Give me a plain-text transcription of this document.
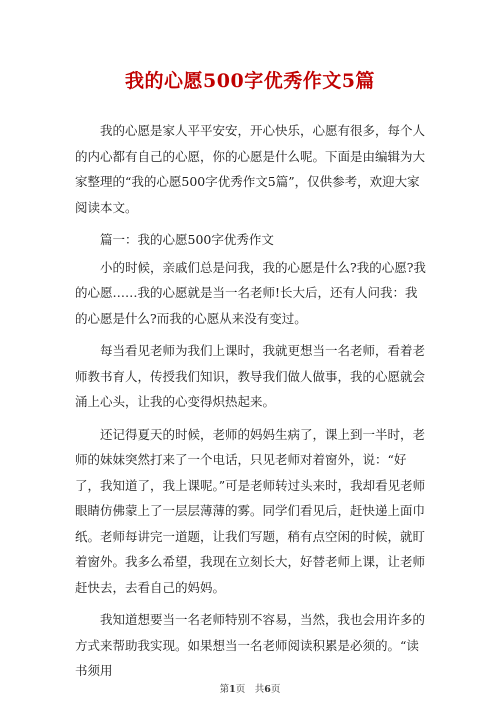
我的心愿500字优秀作文5篇

我的心愿是家人平平安安，开心快乐，心愿有很多，每个人的内心都有自己的心愿，你的心愿是什么呢。下面是由编辑为大家整理的“我的心愿500字优秀作文5篇”，仅供参考，欢迎大家阅读本文。

篇一：我的心愿500字优秀作文

小的时候，亲戚们总是问我，我的心愿是什么?我的心愿?我的心愿……我的心愿就是当一名老师!长大后，还有人问我：我的心愿是什么?而我的心愿从来没有变过。

每当看见老师为我们上课时，我就更想当一名老师，看着老师教书育人，传授我们知识，教导我们做人做事，我的心愿就会涌上心头，让我的心变得炽热起来。

还记得夏天的时候，老师的妈妈生病了，课上到一半时，老师的妹妹突然打来了一个电话，只见老师对着窗外，说：“好了，我知道了，我上课呢。”可是老师转过头来时，我却看见老师眼睛仿佛蒙上了一层层薄薄的雾。同学们看见后，赶快递上面巾纸。老师每讲完一道题，让我们写题，稍有点空闲的时候，就盯着窗外。我多么希望，我现在立刻长大，好替老师上课，让老师赶快去，去看自己的妈妈。

我知道想要当一名老师特别不容易，当然，我也会用许多的方式来帮助我实现。如果想当一名老师阅读积累是必须的。“读书须用

第1页　共6页
